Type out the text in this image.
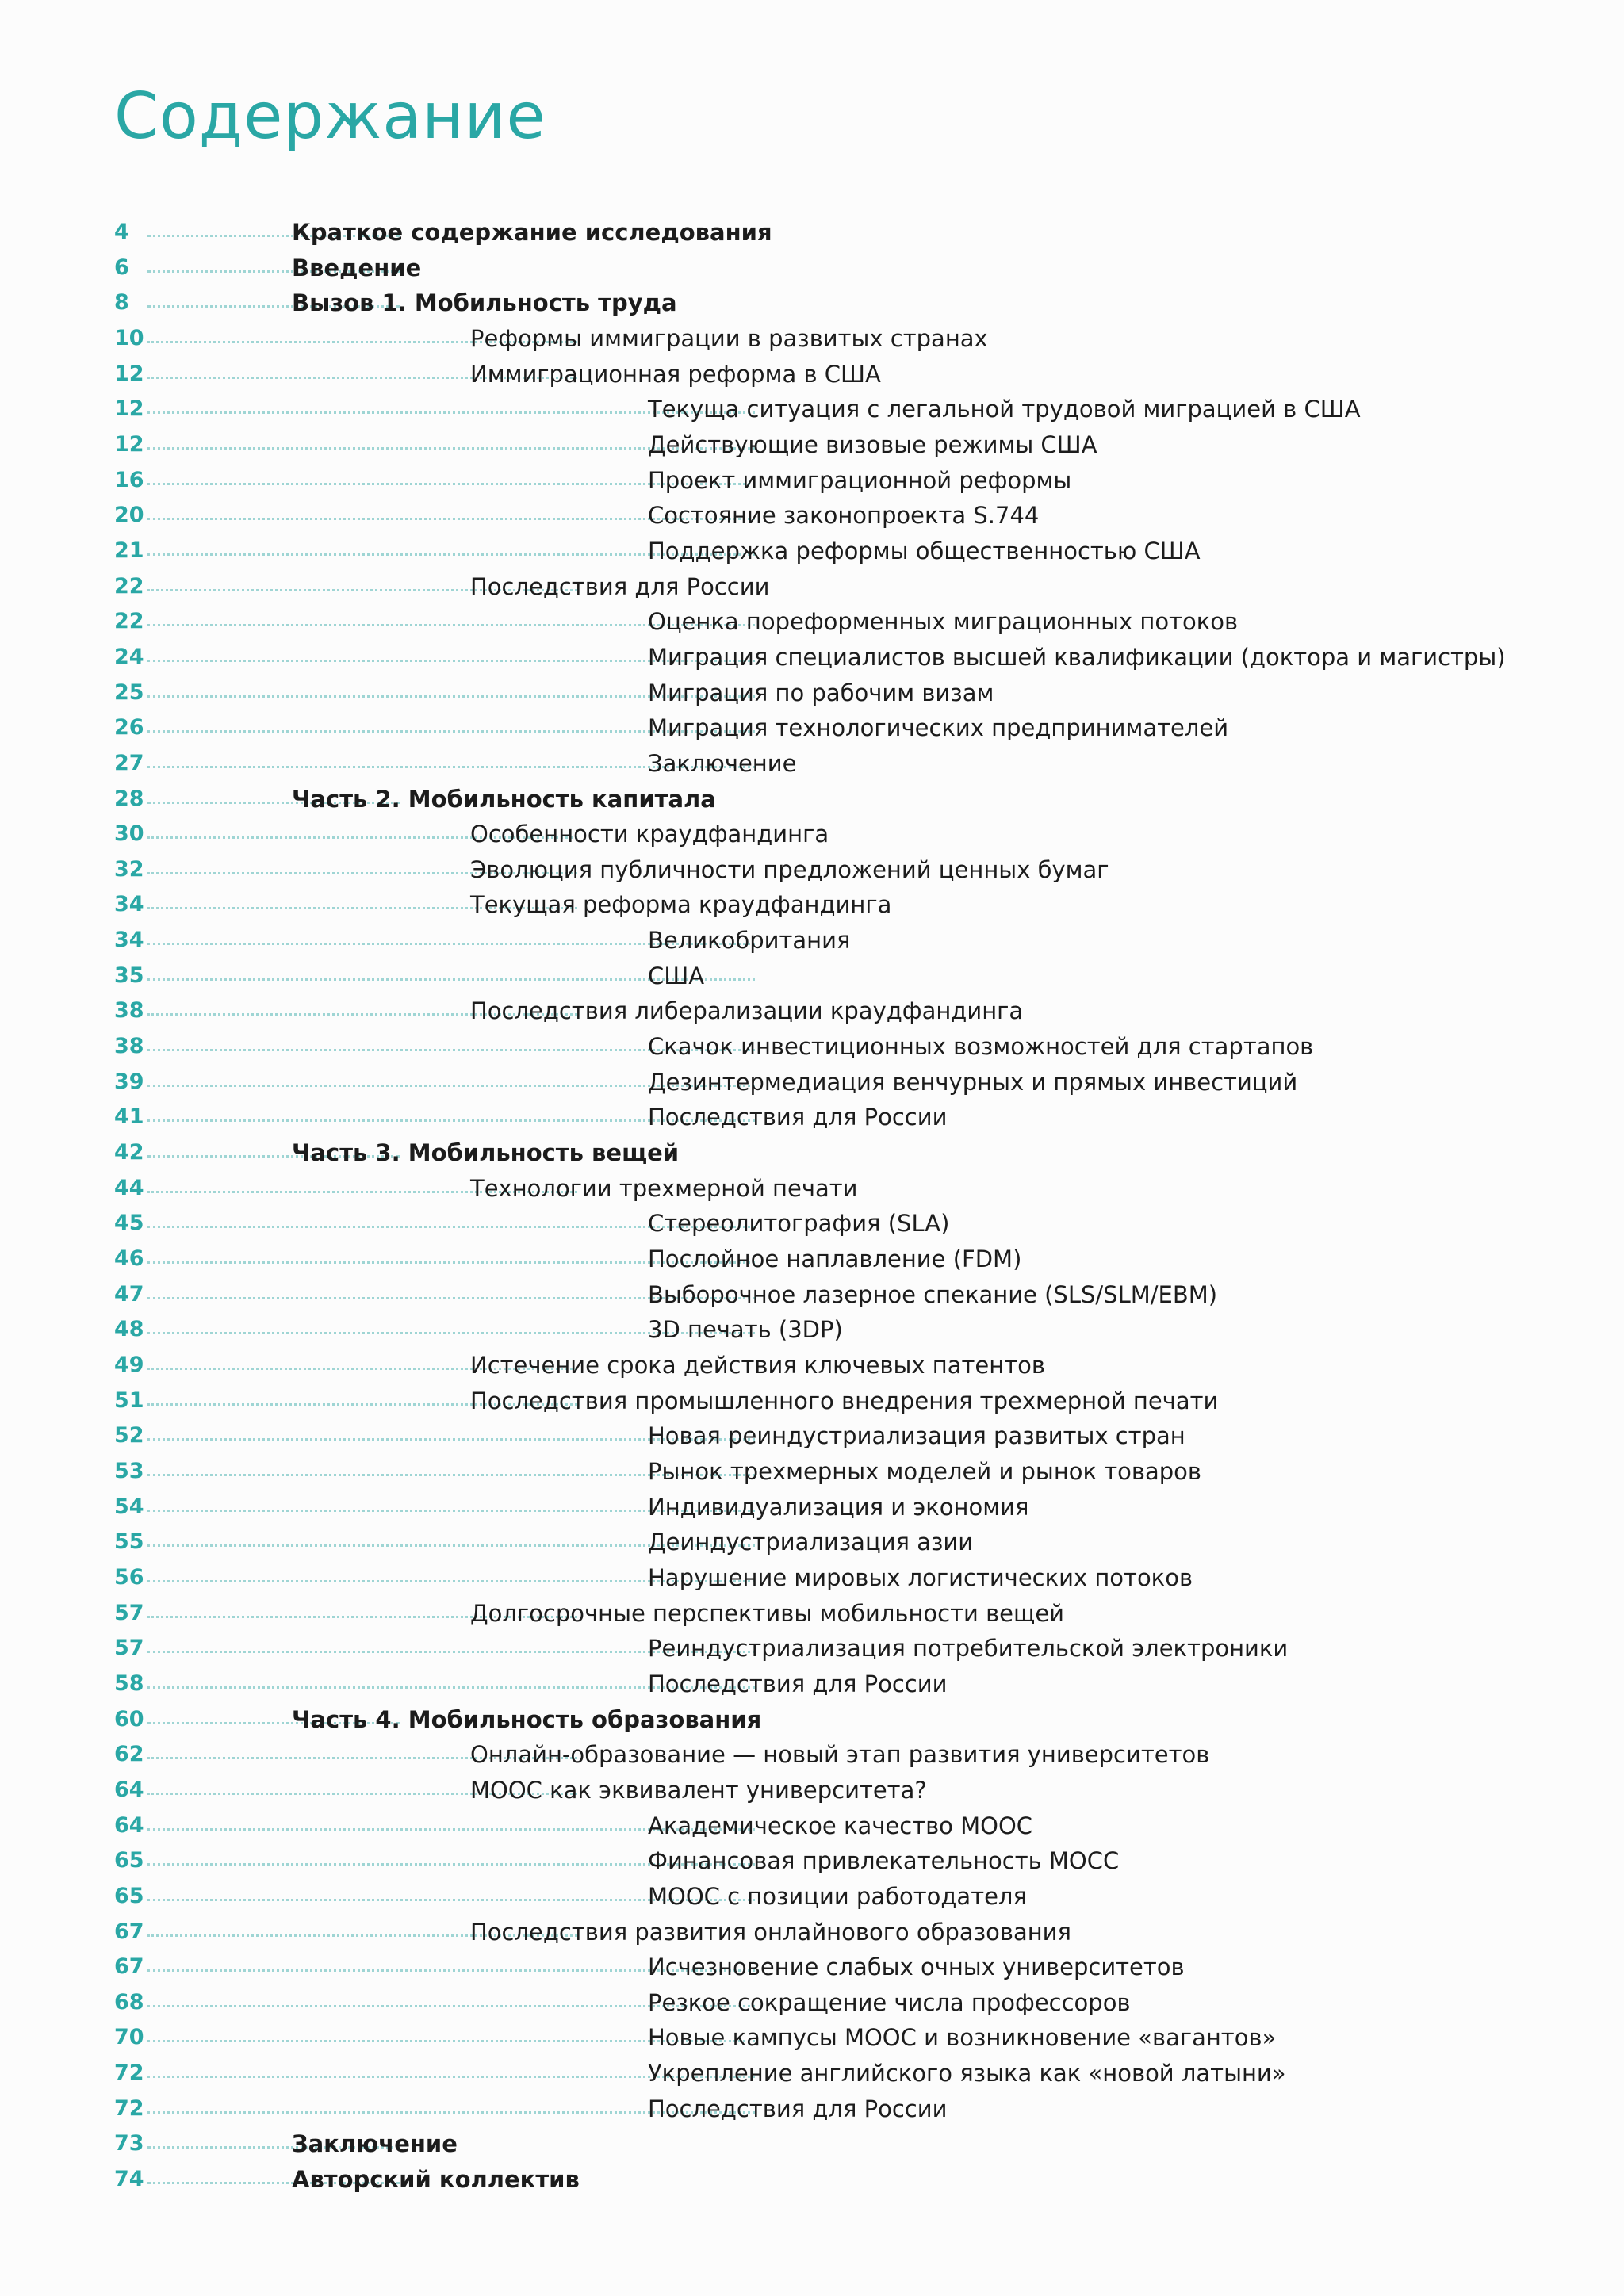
Содержание
4	Краткое содержание исследования
6	Введение
8	Вызов 1. Мобильность труда
10	Реформы иммиграции в развитых странах
12	Иммиграционная реформа в США
12	Текуща ситуация с легальной трудовой миграцией в США
12	Действующие визовые режимы США
16	Проект иммиграционной реформы
20	Состояние законопроекта S.744
21	Поддержка реформы общественностью США
22	Последствия для России
22	Оценка пореформенных миграционных потоков
24	Миграция специалистов высшей квалификации (доктора и магистры)
25	Миграция по рабочим визам
26	Миграция технологических предпринимателей
27	Заключение
28	Часть 2. Мобильность капитала
30	Особенности краудфандинга
32	Эволюция публичности предложений ценных бумаг
34	Текущая реформа краудфандинга
34	Великобритания
35	США
38	Последствия либерализации краудфандинга
38	Скачок инвестиционных возможностей для стартапов
39	Дезинтермедиация венчурных и прямых инвестиций
41	Последствия для России
42	Часть 3. Мобильность вещей
44	Технологии трехмерной печати
45	Стереолитография (SLA)
46	Послойное наплавление (FDM)
47	Выборочное лазерное спекание (SLS/SLM/EBM)
48	3D печать (3DP)
49	Истечение срока действия ключевых патентов
51	Последствия промышленного внедрения трехмерной печати
52	Новая реиндустриализация развитых стран
53	Рынок трехмерных моделей и рынок товаров
54	Индивидуализация и экономия
55	Деиндустриализация азии
56	Нарушение мировых логистических потоков
57	Долгосрочные перспективы мобильности вещей
57	Реиндустриализация потребительской электроники
58	Последствия для России
60	Часть 4. Мобильность образования
62	Онлайн-образование — новый этап развития университетов
64	МООС как эквивалент университета?
64	Академическое качество МООС
65	Финансовая привлекательность МОСС
65	МООС с позиции работодателя
67	Последствия развития онлайнового образования
67	Исчезновение слабых очных университетов
68	Резкое сокращение числа профессоров
70	Новые кампусы МООС и возникновение «вагантов»
72	Укрепление английского языка как «новой латыни»
72	Последствия для России
73	Заключение
74	Авторский коллектив
